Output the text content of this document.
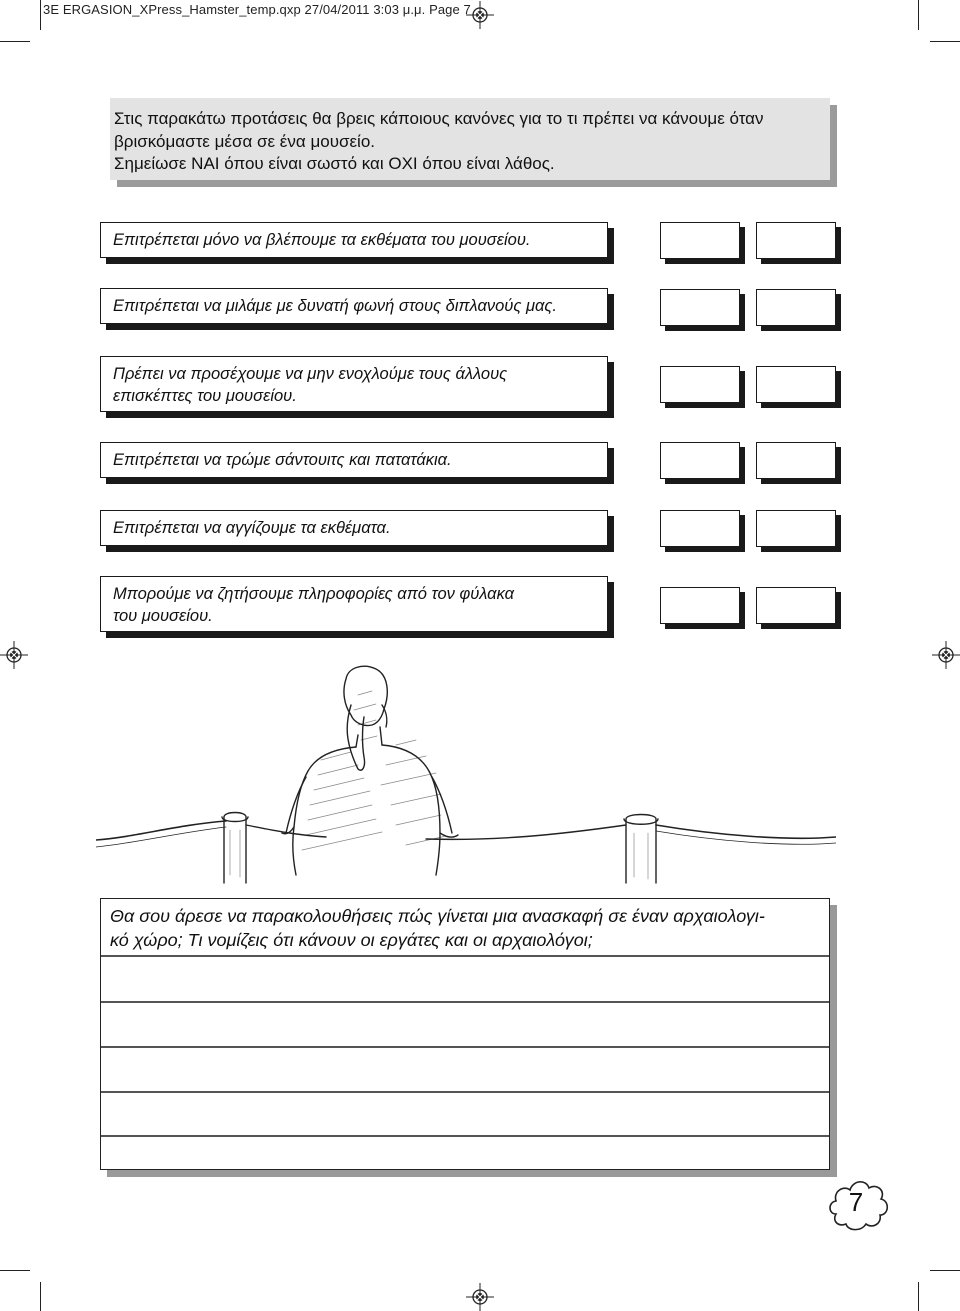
3E ERGASION_XPress_Hamster_temp.qxp 27/04/2011 3:03 μ.μ. Page 7
Στις παρακάτω προτάσεις θα βρεις κάποιους κανόνες για το τι πρέπει να κάνουμε όταν
βρισκόμαστε μέσα σε ένα μουσείο.
Σημείωσε ΝΑΙ όπου είναι σωστό και ΟΧΙ όπου είναι λάθος.
Επιτρέπεται μόνο να βλέπουμε τα εκθέματα του μουσείου.
Επιτρέπεται να μιλάμε με δυνατή φωνή στους διπλανούς μας.
Πρέπει να προσέχουμε να μην ενοχλούμε τους άλλους
επισκέπτες του μουσείου.
Επιτρέπεται να τρώμε σάντουιτς και πατατάκια.
Επιτρέπεται να αγγίζουμε τα εκθέματα.
Μπορούμε να ζητήσουμε πληροφορίες από τον φύλακα
του μουσείου.
Θα σου άρεσε να παρακολουθήσεις πώς γίνεται μια ανασκαφή σε έναν αρχαιολογι-
κό χώρο; Τι νομίζεις ότι κάνουν οι εργάτες και οι αρχαιολόγοι;
7
